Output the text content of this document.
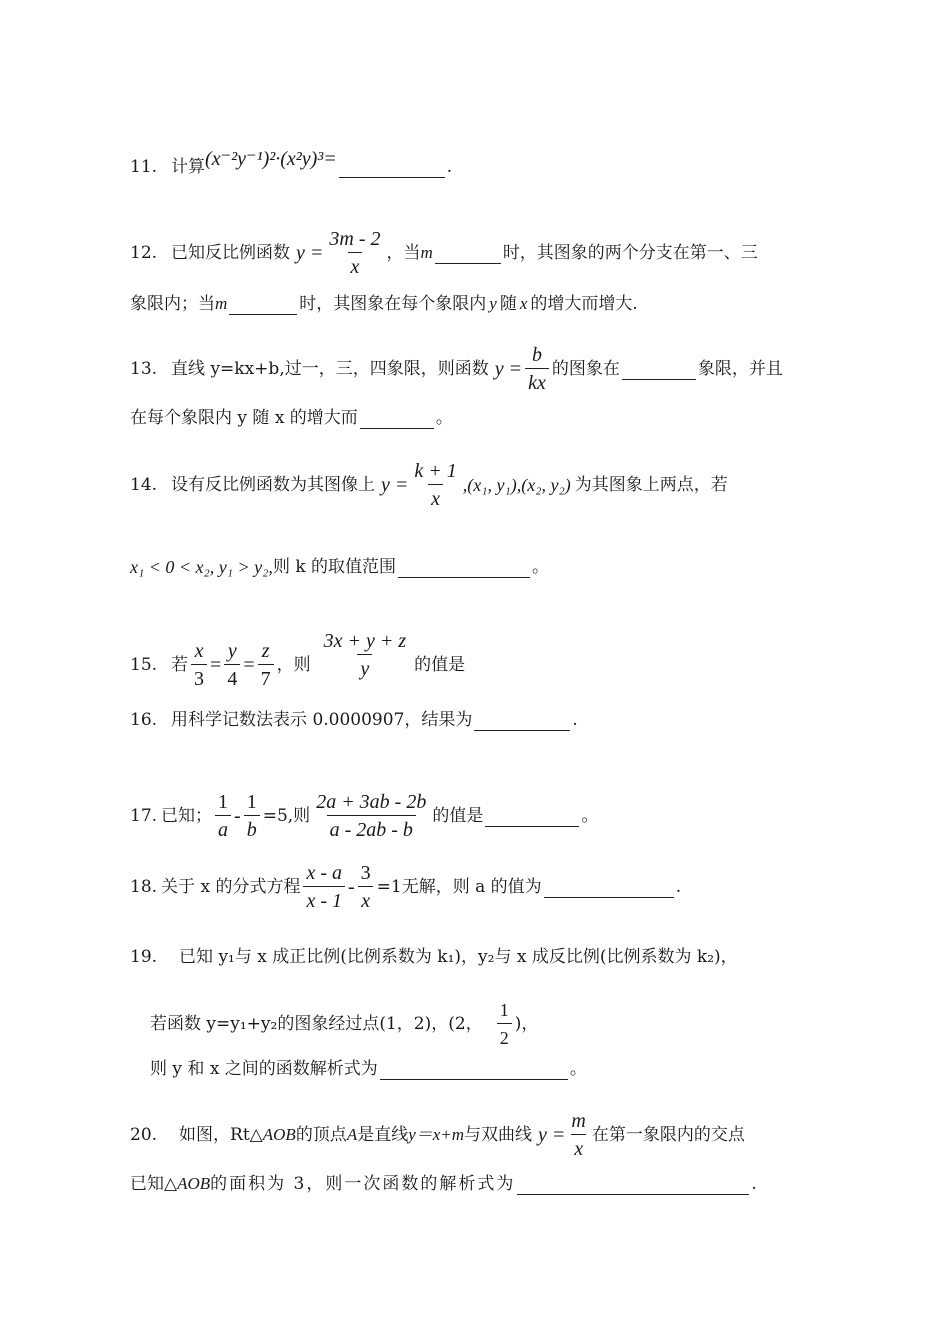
11. 计算 (x⁻²y⁻¹)²·(x²y)³=	.
12. 已知反比例函数 $y = \frac{3m - 2}{x}$ ，当 m	时，其图象的两个分支在第一、三
象限内；当 m	时，其图象在每个象限内 y 随 x 的增大而增大.
13. 直线 y=kx+b,过一，三，四象限，则函数 $y = \frac{b}{kx}$ 的图象在	象限，并且
在每个象限内 y 随 x 的增大而	。
14. 设有反比例函数为其图像上 $y = \frac{k + 1}{x} ,(x_1$, y₁),(x₂, y₂) 为其图象上两点，若
x₁ < 0 < x₂, y₁ > y₂, 则 k 的取值范围	。
15. 若 $\frac{x}{3} = \frac{y}{4} = \frac{z}{7}$ ，则 $\frac{3x + y + z}{y}$ 的值是
16. 用科学记数法表示 0.0000907，结果为	.
17. 已知； $\frac{1}{a} - \frac{1}{b} =5$,则 $\frac{2a + 3ab - 2b}{a - 2ab - b}$ 的值是	。
18. 关于 x 的分式方程 $\frac{x - a}{x - 1} - \frac{3}{x} =1$无解，则 a 的值为	.
19. 已知 y₁与 x 成正比例(比例系数为 k₁)，y₂与 x 成反比例(比例系数为 k₂)，
若函数 y=y₁+y₂的图象经过点(1，2)，(2， $\frac{1}{2}$ )，
则 y 和 x 之间的函数解析式为	。
20. 如图，Rt△ AOB 的顶点 A 是直线 y＝x+m 与双曲线 $y = \frac{m}{x}$ 在第一象限内的交点
已知△ AOB 的面积为 3，则一次函数的解析式为	.
